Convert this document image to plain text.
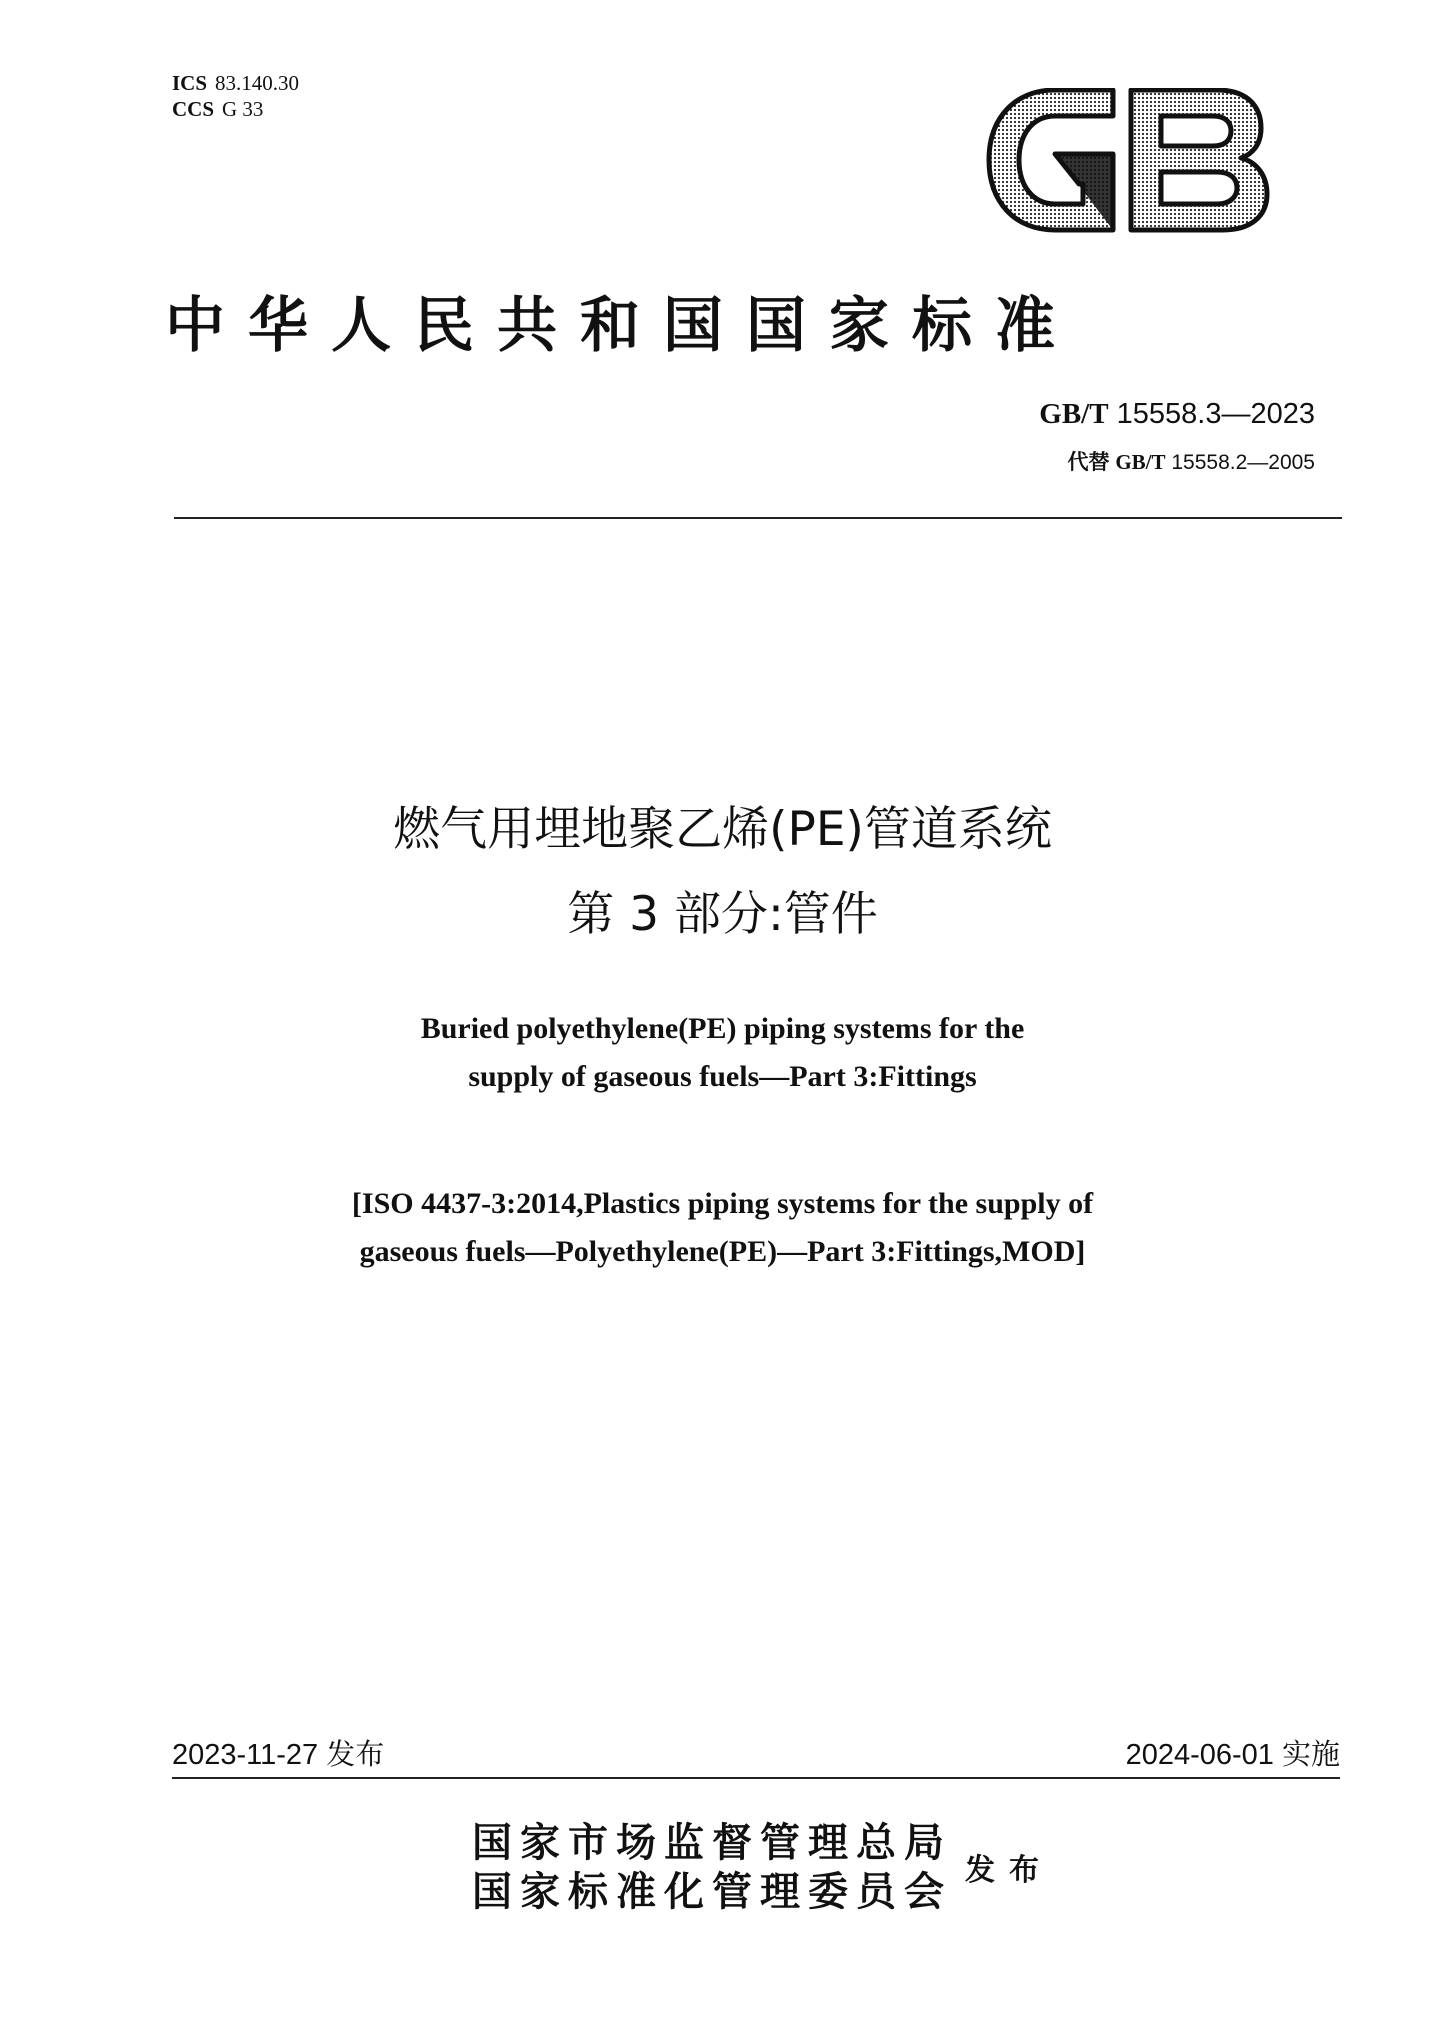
ICS 83.140.30
CCS G 33
中华人民共和国国家标准
GB/T 15558.3—2023
代替 GB/T 15558.2—2005
燃气用埋地聚乙烯(PE)管道系统
第 3 部分:管件
Buried polyethylene(PE) piping systems for the
supply of gaseous fuels—Part 3:Fittings
[ISO 4437-3:2014,Plastics piping systems for the supply of
gaseous fuels—Polyethylene(PE)—Part 3:Fittings,MOD]
2023-11-27 发布	2024-06-01 实施
国家市场监督管理总局
国家标准化管理委员会 发布
